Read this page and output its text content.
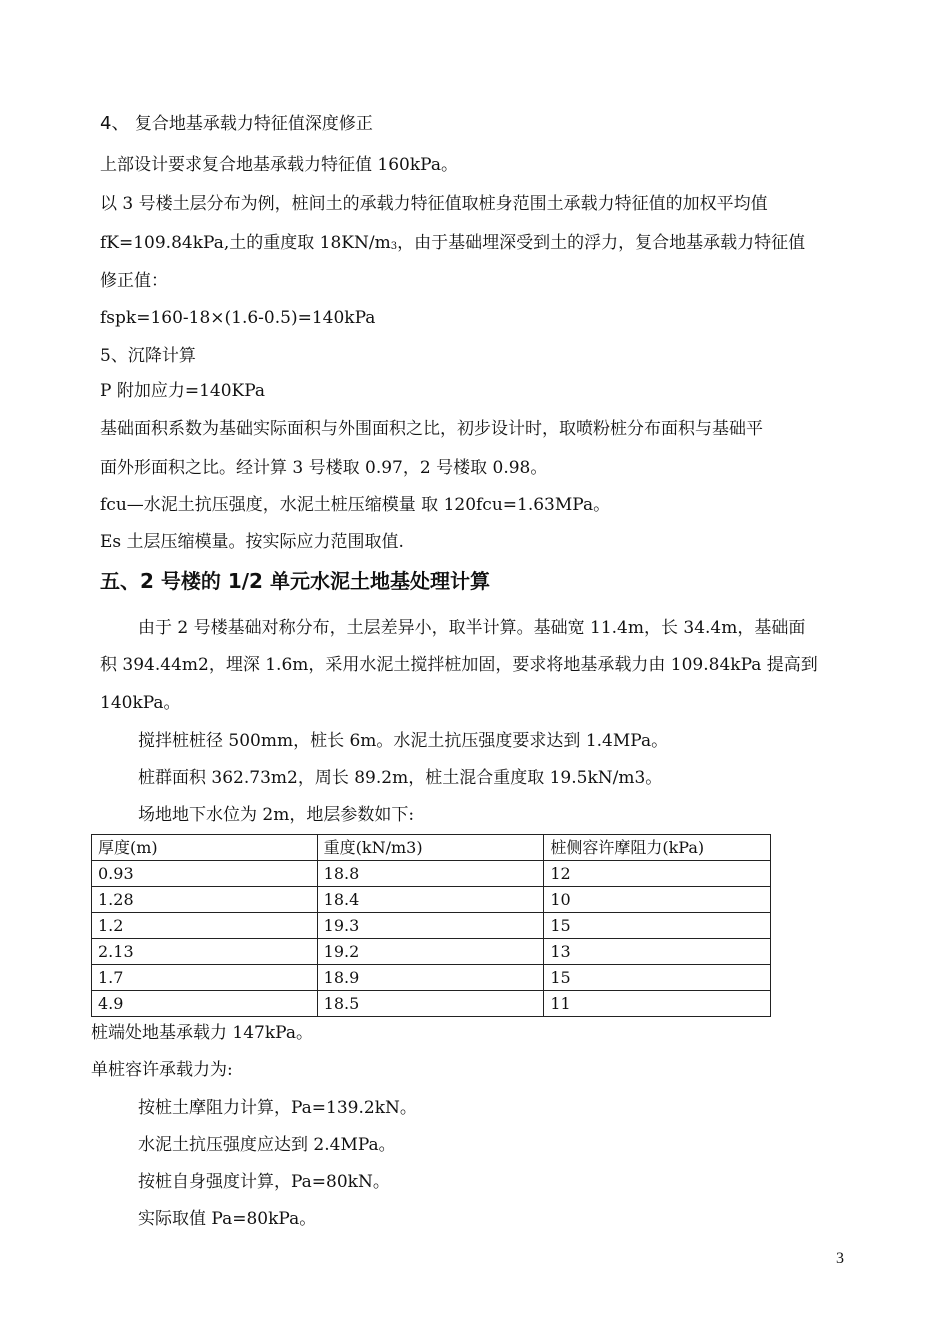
4、 复合地基承载力特征值深度修正
上部设计要求复合地基承载力特征值 160kPa。
以 3 号楼土层分布为例，桩间土的承载力特征值取桩身范围土承载力特征值的加权平均值
fK=109.84kPa,土的重度取 $18KN/m_3$，由于基础埋深受到土的浮力，复合地基承载力特征值
修正值：
fspk=160-18×(1.6-0.5)=140kPa
5、沉降计算
P 附加应力=140KPa
基础面积系数为基础实际面积与外围面积之比，初步设计时，取喷粉桩分布面积与基础平
面外形面积之比。经计算 3 号楼取 0.97，2 号楼取 0.98。
fcu—水泥土抗压强度，水泥土桩压缩模量 取 120fcu=1.63MPa。
Es 土层压缩模量。按实际应力范围取值.
五、2 号楼的 1/2 单元水泥土地基处理计算
由于 2 号楼基础对称分布，土层差异小，取半计算。基础宽 11.4m，长 34.4m，基础面
积 394.44m2，埋深 1.6m，采用水泥土搅拌桩加固，要求将地基承载力由 109.84kPa 提高到
140kPa。
搅拌桩桩径 500mm，桩长 6m。水泥土抗压强度要求达到 1.4MPa。
桩群面积 362.73m2，周长 89.2m，桩土混合重度取 19.5kN/m3。
场地地下水位为 2m，地层参数如下:
厚度(m)	重度(kN/m3)	桩侧容许摩阻力(kPa)
0.93	18.8	12
1.28	18.4	10
1.2	19.3	15
2.13	19.2	13
1.7	18.9	15
4.9	18.5	11
桩端处地基承载力 147kPa。
单桩容许承载力为:
按桩土摩阻力计算，Pa=139.2kN。
水泥土抗压强度应达到 2.4MPa。
按桩自身强度计算，Pa=80kN。
实际取值 Pa=80kPa。
3
